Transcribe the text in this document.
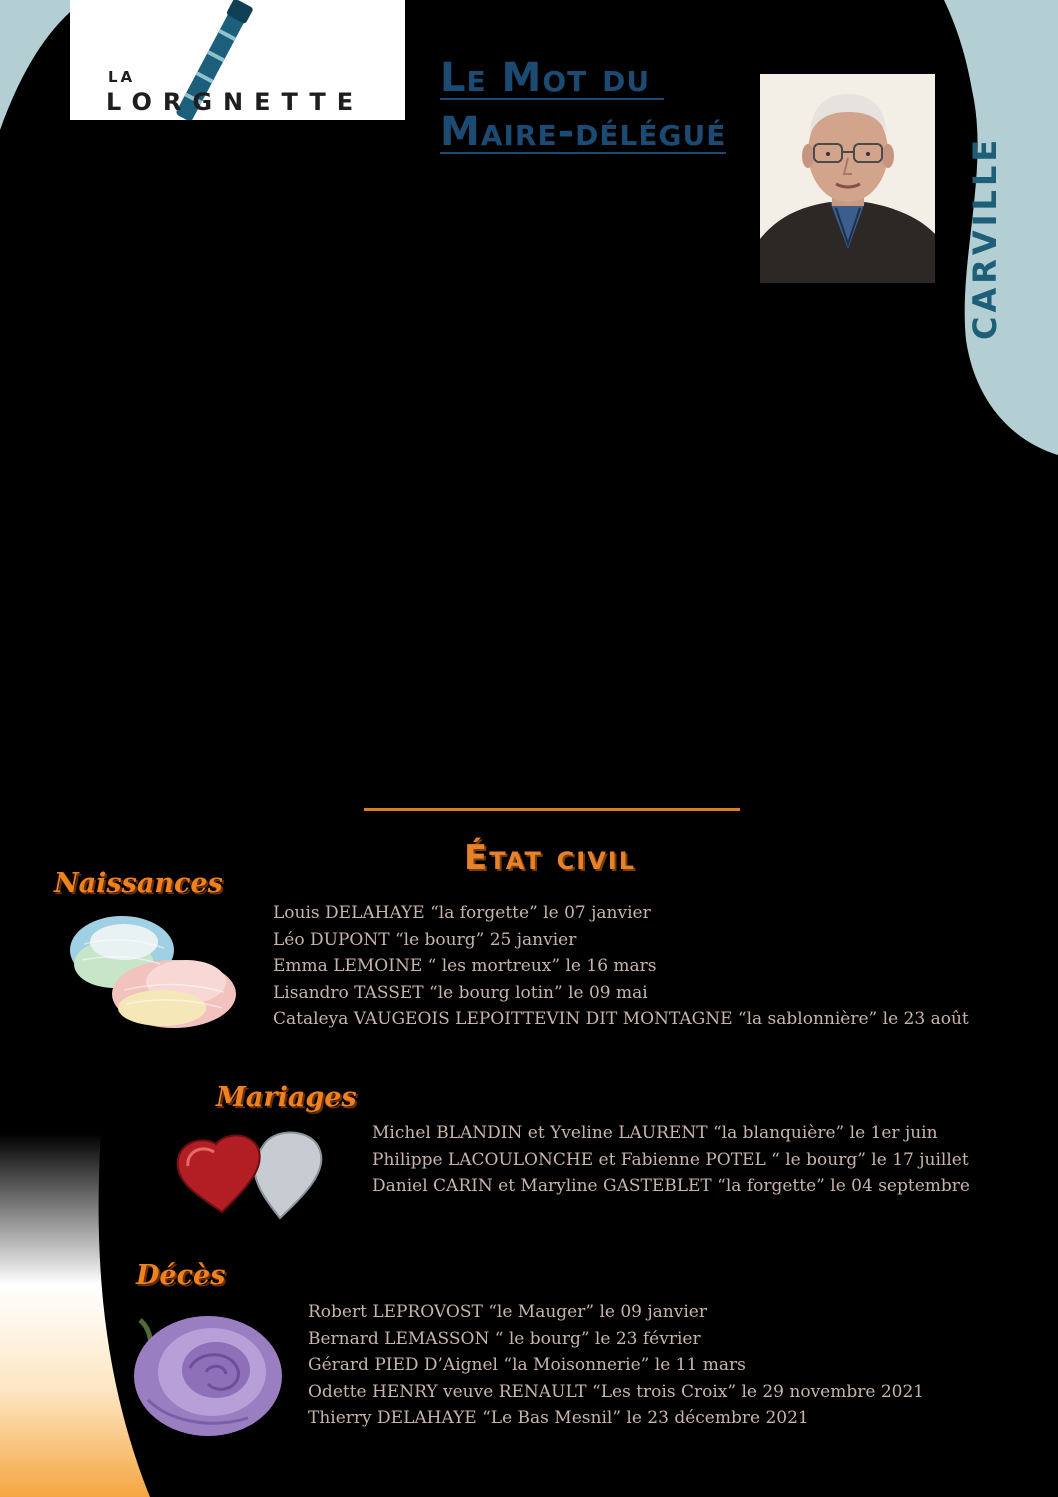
LA
LORGNETTE
Le Mot du
Maire-délégué
CARVILLE
État civil
Naissances
Louis DELAHAYE “la forgette” le 07 janvier
Léo DUPONT “le bourg” 25 janvier
Emma LEMOINE “ les mortreux” le 16 mars
Lisandro TASSET “le bourg lotin” le 09 mai
Cataleya VAUGEOIS LEPOITTEVIN DIT MONTAGNE “la sablonnière” le 23 août
Mariages
Michel BLANDIN et Yveline LAURENT “la blanquière” le 1er juin
Philippe LACOULONCHE et Fabienne POTEL “ le bourg” le 17 juillet
Daniel CARIN et Maryline GASTEBLET “la forgette” le 04 septembre
Décès
Robert LEPROVOST “le Mauger” le 09 janvier
Bernard LEMASSON “ le bourg” le 23 février
Gérard PIED D’Aignel “la Moisonnerie” le 11 mars
Odette HENRY veuve RENAULT “Les trois Croix” le 29 novembre 2021
Thierry DELAHAYE “Le Bas Mesnil” le 23 décembre 2021
